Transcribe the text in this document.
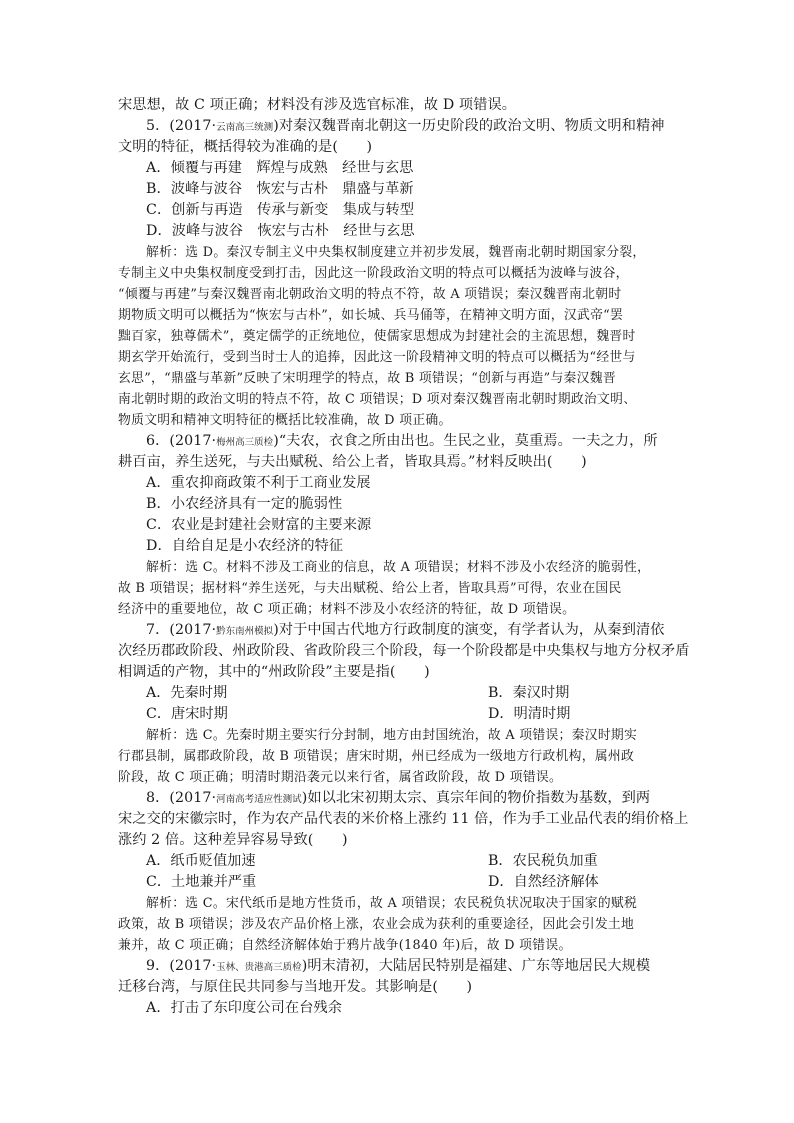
宋思想，故 C 项正确；材料没有涉及选官标准，故 D 项错误。
5．(2017·云南高三统测)对秦汉魏晋南北朝这一历史阶段的政治文明、物质文明和精神
文明的特征，概括得较为准确的是(　　)
A．倾覆与再建　辉煌与成熟　经世与玄思
B．波峰与波谷　恢宏与古朴　鼎盛与革新
C．创新与再造　传承与新变　集成与转型
D．波峰与波谷　恢宏与古朴　经世与玄思
解析：选 D。秦汉专制主义中央集权制度建立并初步发展，魏晋南北朝时期国家分裂，
专制主义中央集权制度受到打击，因此这一阶段政治文明的特点可以概括为波峰与波谷，
“倾覆与再建”与秦汉魏晋南北朝政治文明的特点不符，故 A 项错误；秦汉魏晋南北朝时
期物质文明可以概括为“恢宏与古朴”，如长城、兵马俑等，在精神文明方面，汉武帝“罢
黜百家，独尊儒术”，奠定儒学的正统地位，使儒家思想成为封建社会的主流思想，魏晋时
期玄学开始流行，受到当时士人的追捧，因此这一阶段精神文明的特点可以概括为“经世与
玄思”，“鼎盛与革新”反映了宋明理学的特点，故 B 项错误；“创新与再造”与秦汉魏晋
南北朝时期的政治文明的特点不符，故 C 项错误；D 项对秦汉魏晋南北朝时期政治文明、
物质文明和精神文明特征的概括比较准确，故 D 项正确。
6．(2017·梅州高三质检)“夫农，衣食之所由出也。生民之业，莫重焉。一夫之力，所
耕百亩，养生送死，与夫出赋税、给公上者，皆取具焉。”材料反映出(　　)
A．重农抑商政策不利于工商业发展
B．小农经济具有一定的脆弱性
C．农业是封建社会财富的主要来源
D．自给自足是小农经济的特征
解析：选 C。材料不涉及工商业的信息，故 A 项错误；材料不涉及小农经济的脆弱性，
故 B 项错误；据材料“养生送死，与夫出赋税、给公上者，皆取具焉”可得，农业在国民
经济中的重要地位，故 C 项正确；材料不涉及小农经济的特征，故 D 项错误。
7．(2017·黔东南州模拟)对于中国古代地方行政制度的演变，有学者认为，从秦到清依
次经历郡政阶段、州政阶段、省政阶段三个阶段，每一个阶段都是中央集权与地方分权矛盾
相调适的产物，其中的“州政阶段”主要是指(　　)
A．先秦时期	B．秦汉时期
C．唐宋时期	D．明清时期
解析：选 C。先秦时期主要实行分封制，地方由封国统治，故 A 项错误；秦汉时期实
行郡县制，属郡政阶段，故 B 项错误；唐宋时期，州已经成为一级地方行政机构，属州政
阶段，故 C 项正确；明清时期沿袭元以来行省，属省政阶段，故 D 项错误。
8．(2017·河南高考适应性测试)如以北宋初期太宗、真宗年间的物价指数为基数，到两
宋之交的宋徽宗时，作为农产品代表的米价格上涨约 11 倍，作为手工业品代表的绢价格上
涨约 2 倍。这种差异容易导致(　　)
A．纸币贬值加速	B．农民税负加重
C．土地兼并严重	D．自然经济解体
解析：选 C。宋代纸币是地方性货币，故 A 项错误；农民税负状况取决于国家的赋税
政策，故 B 项错误；涉及农产品价格上涨，农业会成为获利的重要途径，因此会引发土地
兼并，故 C 项正确；自然经济解体始于鸦片战争(1840 年)后，故 D 项错误。
9．(2017·玉林、贵港高三质检)明末清初，大陆居民特别是福建、广东等地居民大规模
迁移台湾，与原住民共同参与当地开发。其影响是(　　)
A．打击了东印度公司在台残余
